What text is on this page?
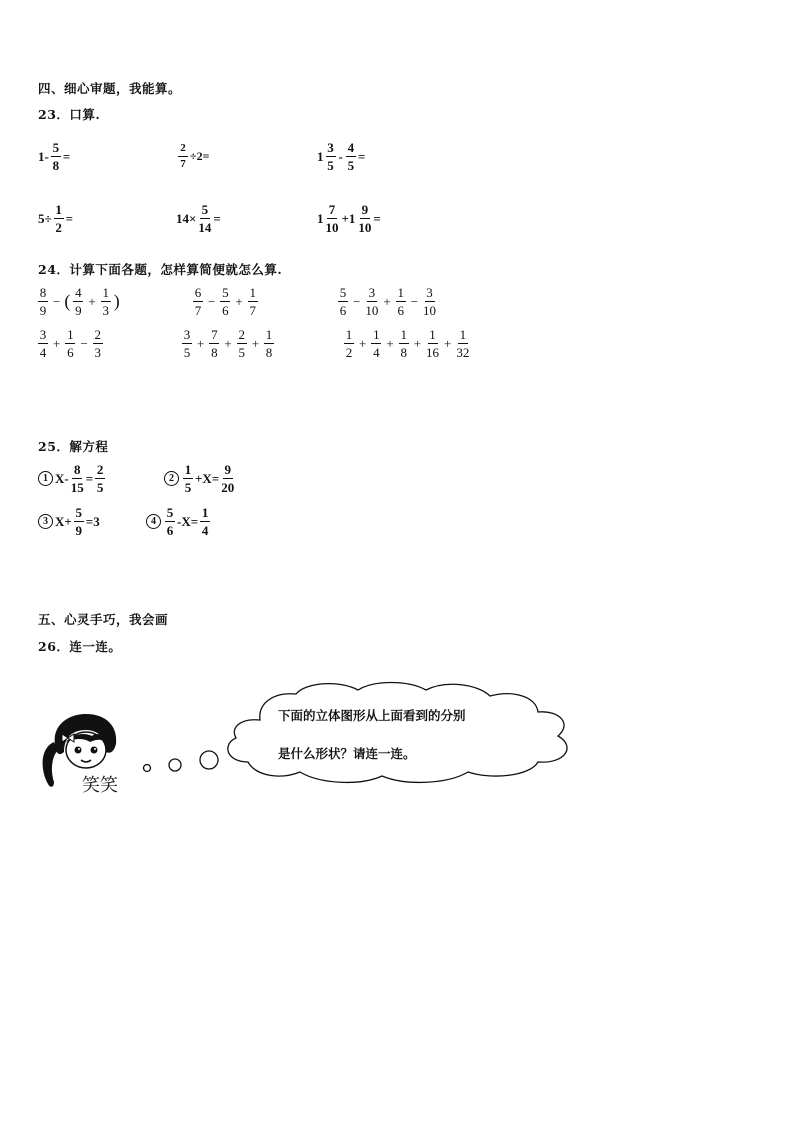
四、细心审题，我能算。
23．口算.
$1- \frac{5}{8}$ =	$\frac{2}{7} \div 2=$	$1 \frac{3}{5} - \frac{4}{5}$ =
$5\div \frac{1}{2}$ =	$14\times \frac{5}{14}$ =	$1 \frac{7}{10} +1 \frac{9}{10}$ =
24．计算下面各题，怎样算简便就怎么算.
$\frac{8}{9}$ − ( $\frac{4}{9} + \frac{1}{3}$ )	$\frac{6}{7} - \frac{5}{6} + \frac{1}{7}$	$\frac{5}{6} - \frac{3}{10} + \frac{1}{6} - \frac{3}{10}$
$\frac{3}{4} + \frac{1}{6} - \frac{2}{3}$	$\frac{3}{5} + \frac{7}{8} + \frac{2}{5} + \frac{1}{8}$	$\frac{1}{2} + \frac{1}{4} + \frac{1}{8} + \frac{1}{16} + \frac{1}{32}$
25．解方程
1 $X- \frac{8}{15} = \frac{2}{5}$	$2 \frac{1}{5} +X= \frac{9}{20}$
3 $X+ \frac{5}{9} =3$	$4 \frac{5}{6} -X= \frac{1}{4}$
五、心灵手巧，我会画
26．连一连。
笑笑
下面的立体图形从上面看到的分别
是什么形状？请连一连。
